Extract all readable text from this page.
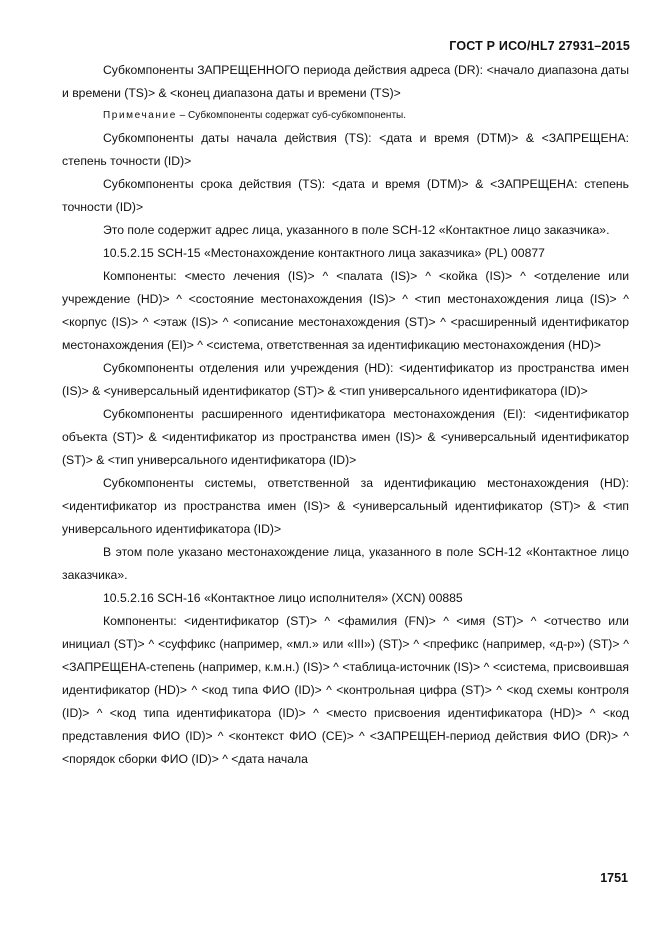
ГОСТ Р ИСО/HL7 27931–2015

Субкомпоненты ЗАПРЕЩЕННОГО периода действия адреса (DR): <начало диапазона даты и времени (TS)> & <конец диапазона даты и времени (TS)>

Примечание – Субкомпоненты содержат суб-субкомпоненты.

Субкомпоненты даты начала действия (TS): <дата и время (DTM)> & <ЗАПРЕЩЕНА: степень точности (ID)>

Субкомпоненты срока действия (TS): <дата и время (DTM)> & <ЗАПРЕЩЕНА: степень точности (ID)>

Это поле содержит адрес лица, указанного в поле SCH-12 «Контактное лицо заказчика».

10.5.2.15 SCH-15 «Местонахождение контактного лица заказчика» (PL) 00877

Компоненты: <место лечения (IS)> ^ <палата (IS)> ^ <койка (IS)> ^ <отделение или учреждение (HD)> ^ <состояние местонахождения (IS)> ^ <тип местонахождения лица (IS)> ^ <корпус (IS)> ^ <этаж (IS)> ^ <описание местонахождения (ST)> ^ <расширенный идентификатор местонахождения (EI)> ^ <система, ответственная за идентификацию местонахождения (HD)>

Субкомпоненты отделения или учреждения (HD): <идентификатор из пространства имен (IS)> & <универсальный идентификатор (ST)> & <тип универсального идентификатора (ID)>

Субкомпоненты расширенного идентификатора местонахождения (EI): <идентификатор объекта (ST)> & <идентификатор из пространства имен (IS)> & <универсальный идентификатор (ST)> & <тип универсального идентификатора (ID)>

Субкомпоненты системы, ответственной за идентификацию местонахождения (HD): <идентификатор из пространства имен (IS)> & <универсальный идентификатор (ST)> & <тип универсального идентификатора (ID)>

В этом поле указано местонахождение лица, указанного в поле SCH-12 «Контактное лицо заказчика».

10.5.2.16 SCH-16 «Контактное лицо исполнителя» (XCN) 00885

Компоненты: <идентификатор (ST)> ^ <фамилия (FN)> ^ <имя (ST)> ^ <отчество или инициал (ST)> ^ <суффикс (например, «мл.» или «III») (ST)> ^ <префикс (например, «д-р») (ST)> ^ <ЗАПРЕЩЕНА-степень (например, к.м.н.) (IS)> ^ <таблица-источник (IS)> ^ <система, присвоившая идентификатор (HD)> ^ <код типа ФИО (ID)> ^ <контрольная цифра (ST)> ^ <код схемы контроля (ID)> ^ <код типа идентификатора (ID)> ^ <место присвоения идентификатора (HD)> ^ <код представления ФИО (ID)> ^ <контекст ФИО (CE)> ^ <ЗАПРЕЩЕН-период действия ФИО (DR)> ^ <порядок сборки ФИО (ID)> ^ <дата начала

1751
